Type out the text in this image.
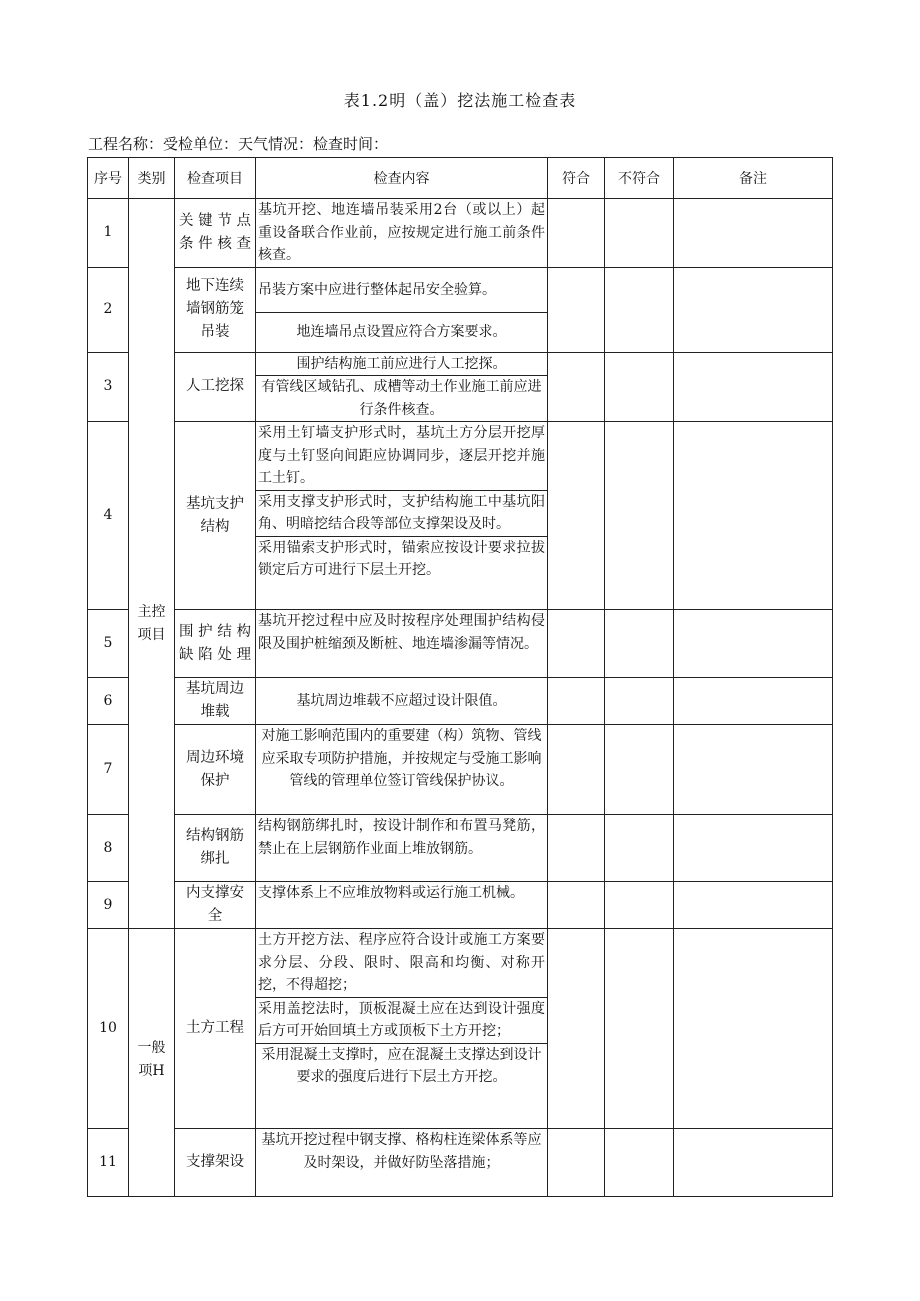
表1.2明（盖）挖法施工检查表
工程名称：受检单位：天气情况：检查时间：
序号	类别	检查项目	检查内容	符合	不符合	备注
1	主控项目	关键节点条件核查	基坑开挖、地连墙吊装采用2台（或以上）起重设备联合作业前，应按规定进行施工前条件核查。			

2		地下连续墙钢筋笼吊装	吊装方案中应进行整体起吊安全验算。
地连墙吊点设置应符合方案要求。			

3		人工挖探	围护结构施工前应进行人工挖探。
有管线区域钻孔、成槽等动土作业施工前应进行条件核查。			

4		基坑支护结构	采用土钉墙支护形式时，基坑土方分层开挖厚度与土钉竖向间距应协调同步，逐层开挖并施工土钉。
采用支撑支护形式时，支护结构施工中基坑阳角、明暗挖结合段等部位支撑架设及时。
采用锚索支护形式时，锚索应按设计要求拉拔锁定后方可进行下层土开挖。			

5		围护结构缺陷处理	基坑开挖过程中应及时按程序处理围护结构侵限及围护桩缩颈及断桩、地连墙渗漏等情况。			

6		基坑周边堆载	基坑周边堆载不应超过设计限值。			

7		周边环境保护	对施工影响范围内的重要建（构）筑物、管线应采取专项防护措施，并按规定与受施工影响管线的管理单位签订管线保护协议。			

8		结构钢筋绑扎	结构钢筋绑扎时，按设计制作和布置马凳筋，禁止在上层钢筋作业面上堆放钢筋。			

9		内支撑安全	支撑体系上不应堆放物料或运行施工机械。			

10	一般项H	土方工程	土方开挖方法、程序应符合设计或施工方案要求分层、分段、限时、限高和均衡、对称开挖，不得超挖；
采用盖挖法时，顶板混凝土应在达到设计强度后方可开始回填土方或顶板下土方开挖；
采用混凝土支撑时，应在混凝土支撑达到设计要求的强度后进行下层土方开挖。			

11		支撑架设	基坑开挖过程中钢支撑、格构柱连梁体系等应及时架设，并做好防坠落措施；			
